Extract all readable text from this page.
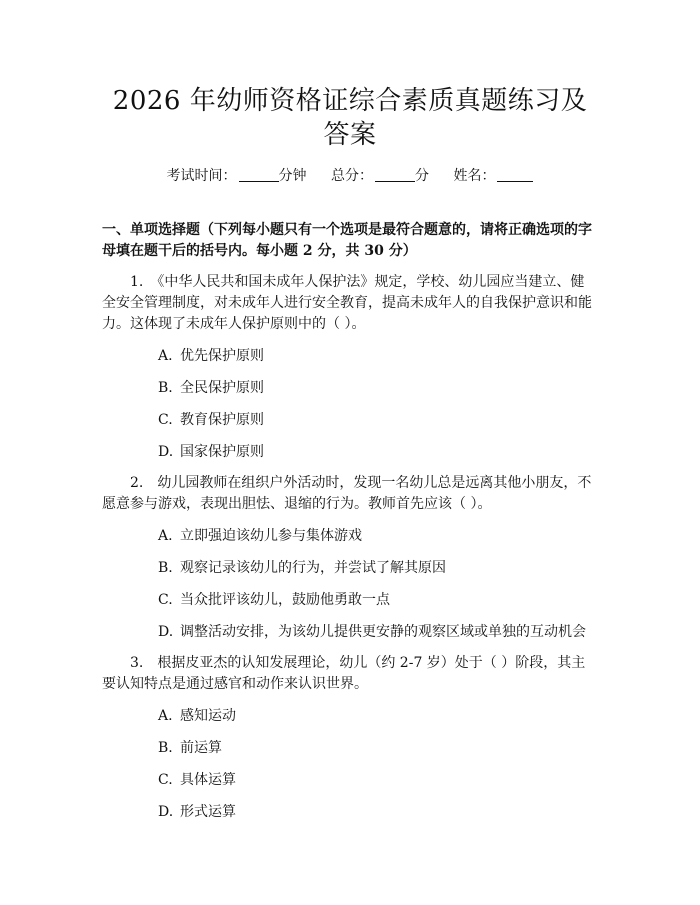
2026 年幼师资格证综合素质真题练习及答案
考试时间：	分钟 总分：	分 姓名：
一、单项选择题（下列每小题只有一个选项是最符合题意的，请将正确选项的字母填在题干后的括号内。每小题 2 分，共 30 分）
1.　《中华人民共和国未成年人保护法》规定，学校、幼儿园应当建立、健全安全管理制度，对未成年人进行安全教育，提高未成年人的自我保护意识和能力。这体现了未成年人保护原则中的（ ）。
A. 优先保护原则
B. 全民保护原则
C. 教育保护原则
D. 国家保护原则
2.　幼儿园教师在组织户外活动时，发现一名幼儿总是远离其他小朋友，不愿意参与游戏，表现出胆怯、退缩的行为。教师首先应该（ ）。
A. 立即强迫该幼儿参与集体游戏
B. 观察记录该幼儿的行为，并尝试了解其原因
C. 当众批评该幼儿，鼓励他勇敢一点
D. 调整活动安排，为该幼儿提供更安静的观察区域或单独的互动机会
3.　根据皮亚杰的认知发展理论，幼儿（约 2-7 岁）处于（ ）阶段，其主要认知特点是通过感官和动作来认识世界。
A. 感知运动
B. 前运算
C. 具体运算
D. 形式运算
